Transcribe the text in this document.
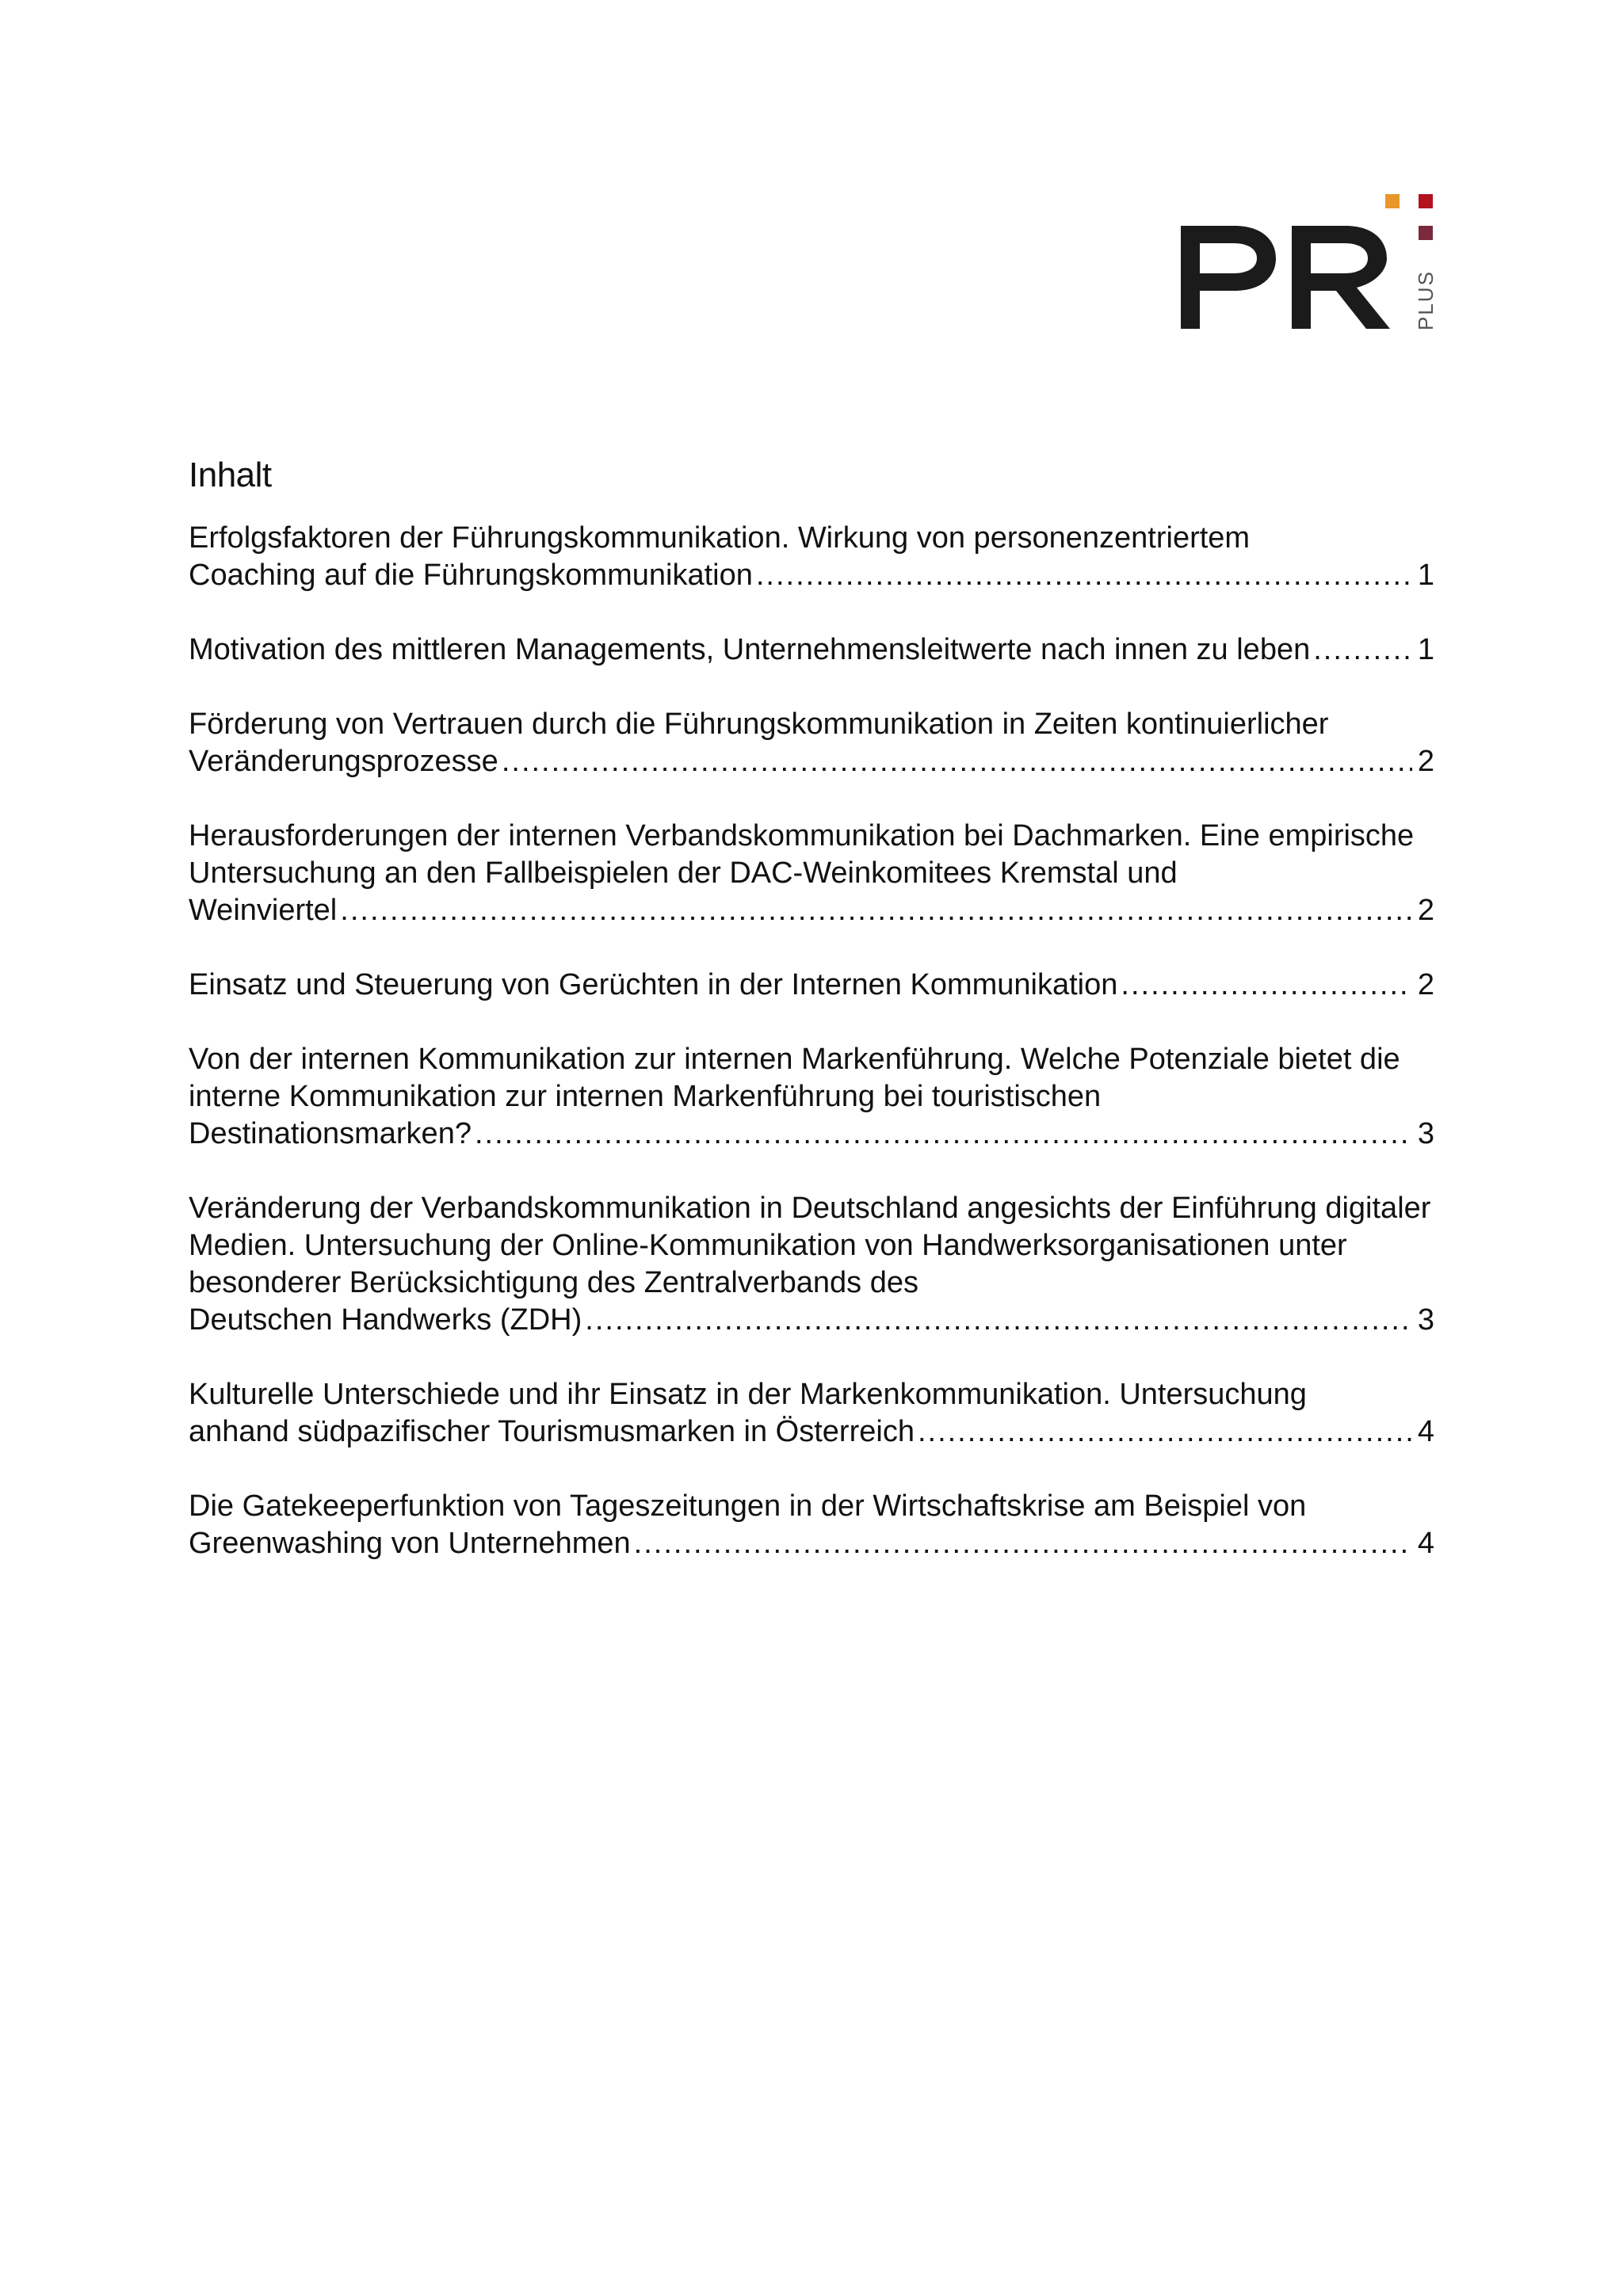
PLUS
Inhalt
Erfolgsfaktoren der Führungskommunikation. Wirkung von personenzentriertem
Coaching auf die Führungskommunikation .....	1
Motivation des mittleren Managements, Unternehmensleitwerte nach innen zu leben .....	1
Förderung von Vertrauen durch die Führungskommunikation in Zeiten kontinuierlicher
Veränderungsprozesse .....	2
Herausforderungen der internen Verbandskommunikation bei Dachmarken. Eine empirische Untersuchung an den Fallbeispielen der DAC-Weinkomitees Kremstal und
Weinviertel .....	2
Einsatz und Steuerung von Gerüchten in der Internen Kommunikation .....	2
Von der internen Kommunikation zur internen Markenführung. Welche Potenziale bietet die interne Kommunikation zur internen Markenführung bei touristischen
Destinationsmarken? .....	3
Veränderung der Verbandskommunikation in Deutschland angesichts der Einführung digitaler Medien. Untersuchung der Online-Kommunikation von Handwerksorganisationen unter besonderer Berücksichtigung des Zentralverbands des
Deutschen Handwerks (ZDH) .....	3
Kulturelle Unterschiede und ihr Einsatz in der Markenkommunikation. Untersuchung
anhand südpazifischer Tourismusmarken in Österreich .....	4
Die Gatekeeperfunktion von Tageszeitungen in der Wirtschaftskrise am Beispiel von
Greenwashing von Unternehmen .....	4
